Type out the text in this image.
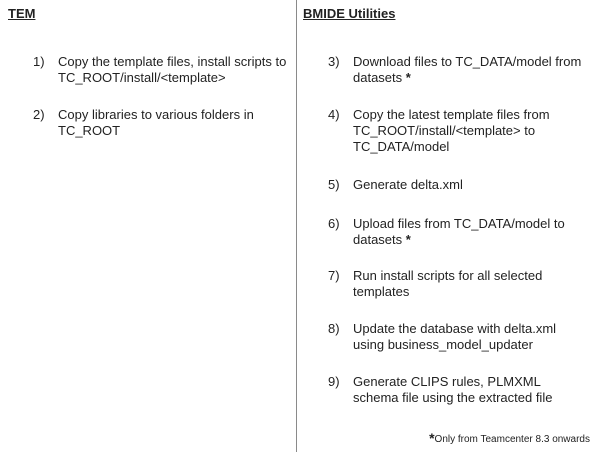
TEM	BMIDE Utilities
1) Copy the template files, install scripts to TC_ROOT/install/<template>
2) Copy libraries to various folders in TC_ROOT
3) Download files to TC_DATA/model from datasets *
4) Copy the latest template files from TC_ROOT/install/<template> to TC_DATA/model
5) Generate delta.xml
6) Upload files from TC_DATA/model to datasets *
7) Run install scripts for all selected templates
8) Update the database with delta.xml using business_model_updater
9) Generate CLIPS rules, PLMXML schema file using the extracted file
*Only from Teamcenter 8.3 onwards
